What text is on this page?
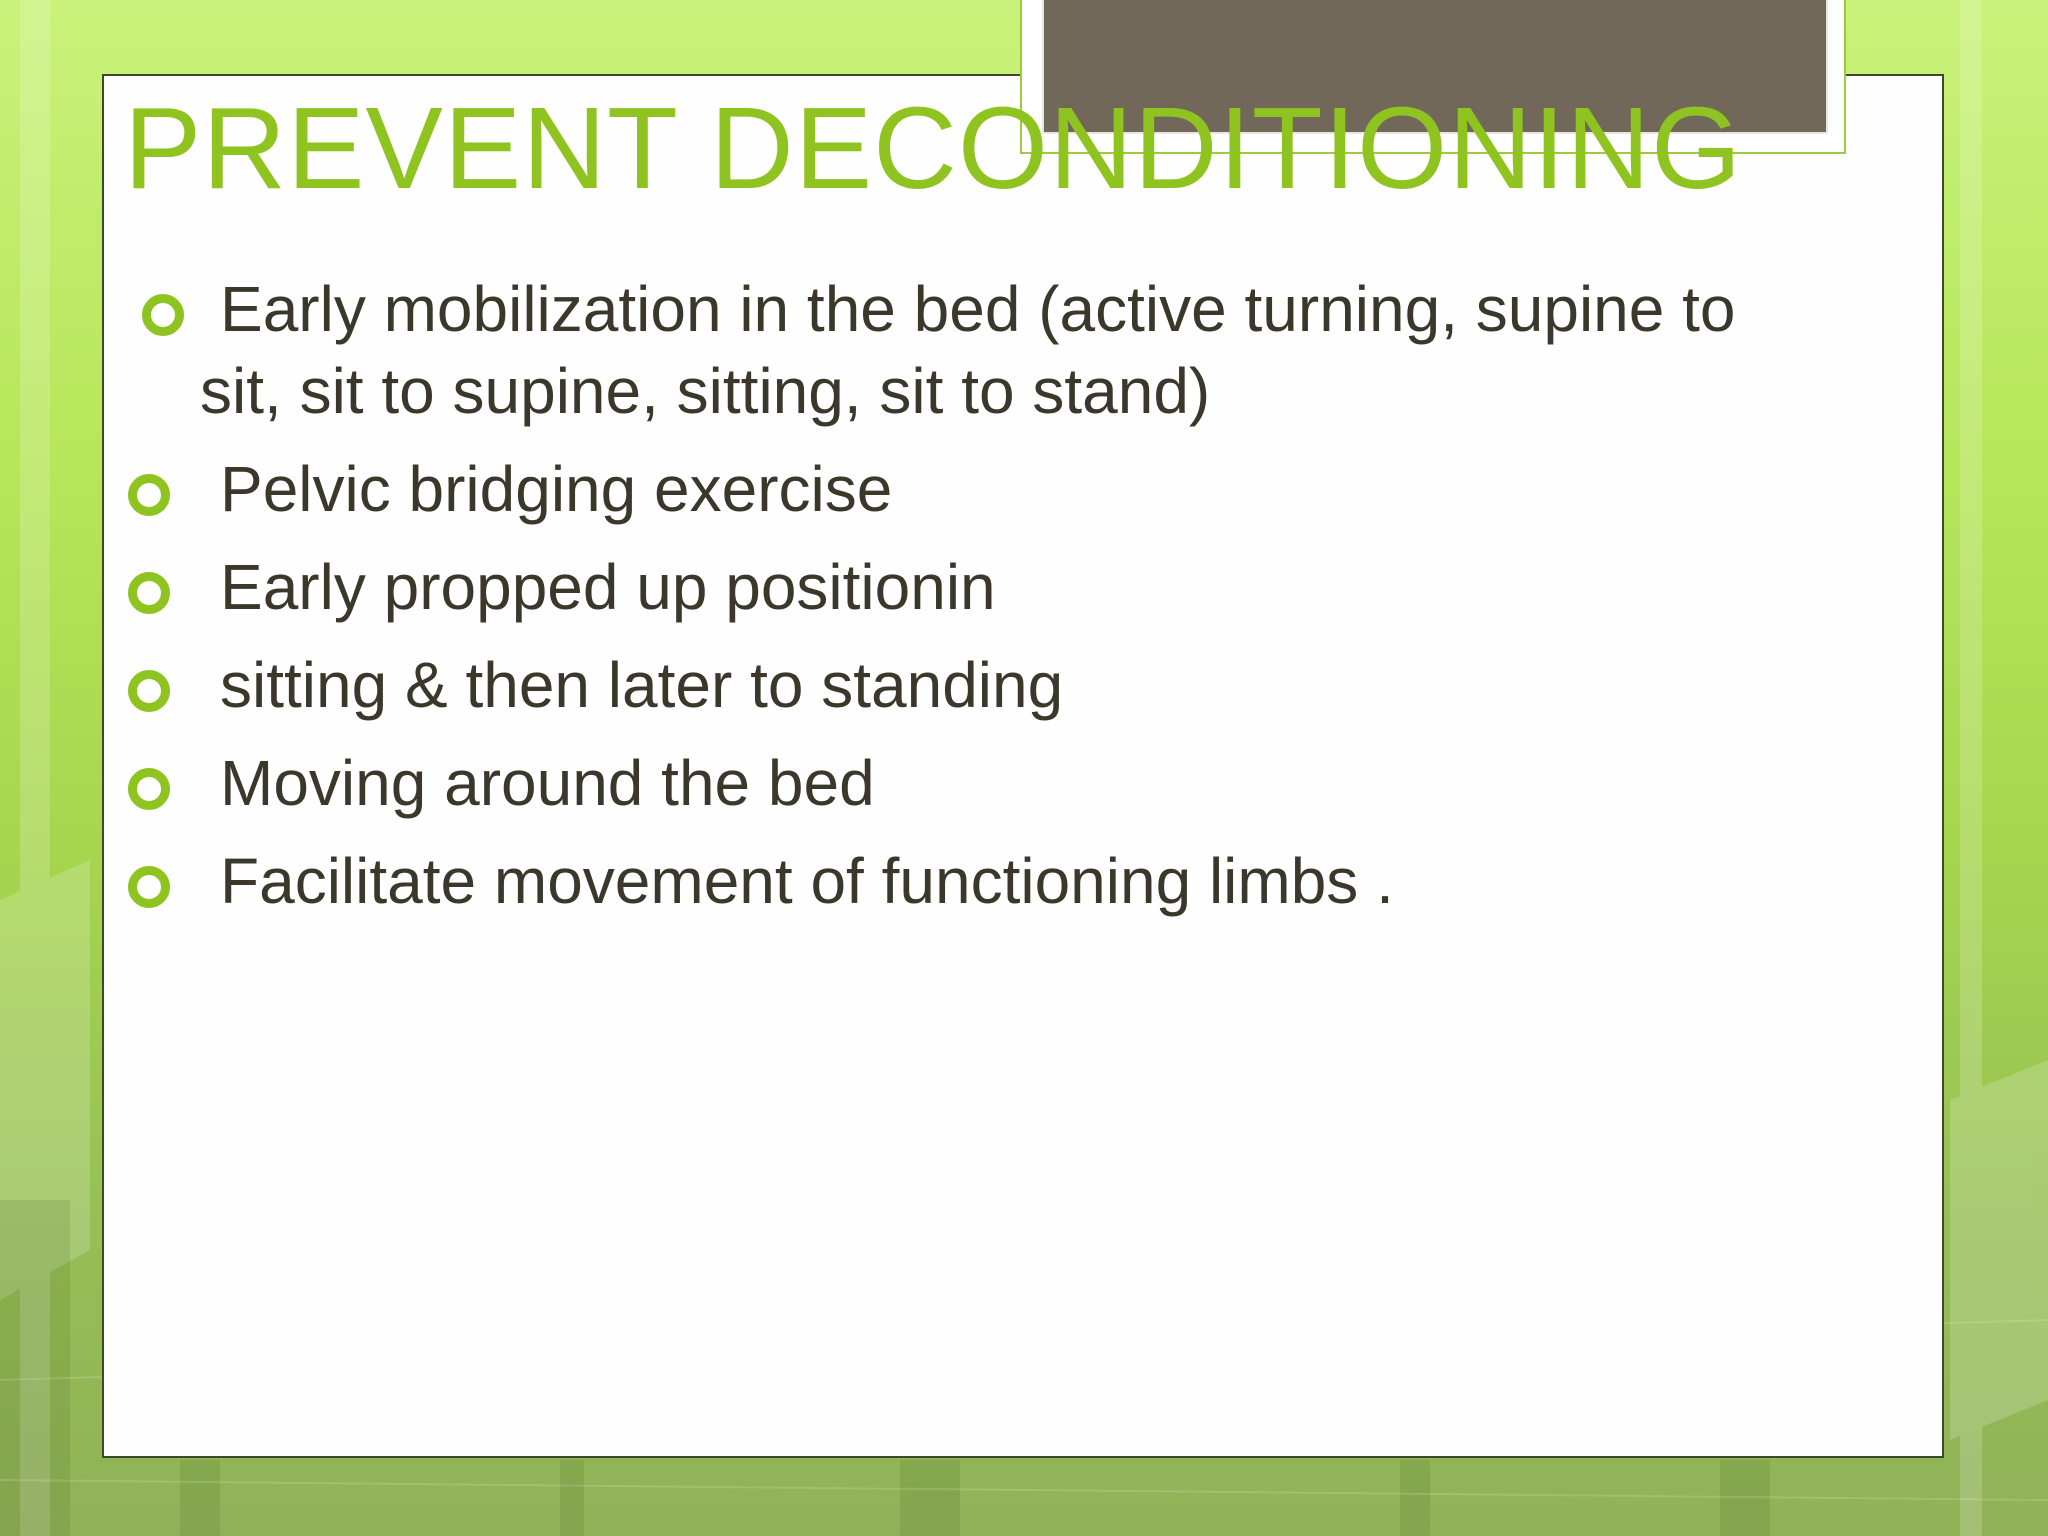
PREVENT DECONDITIONING
Early mobilization in the bed (active turning, supine to
sit, sit to supine, sitting, sit to stand)
Pelvic bridging exercise
Early propped up positionin
sitting & then later to standing
Moving around the bed
Facilitate movement of functioning limbs .
